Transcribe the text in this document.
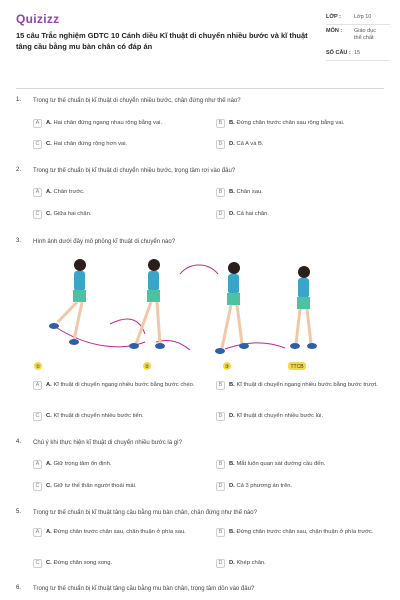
Quizizz
15 câu Trắc nghiệm GDTC 10 Cánh diều Kĩ thuật di chuyển nhiều bước và kĩ thuật tâng cầu bằng mu bàn chân có đáp án
LỚP :	Lớp 10
MÔN :	Giáo dục thể chất
SỐ CÂU : 15
1. Trong tư thế chuẩn bị kĩ thuật di chuyển nhiều bước, chân đứng như thế nào?
A	A. Hai chân đứng ngang nhau rộng bằng vai.	B	B. Đứng chân trước chân sau rộng bằng vai.
C	C. Hai chân đứng rộng hơn vai.	D	D. Cả A và B.
2. Trong tư thế chuẩn bị kĩ thuật di chuyển nhiều bước, trọng tâm rơi vào đâu?
A	A. Chân trước.	B	B. Chân sau.
C	C. Giữa hai chân.	D	D. Cả hai chân.
3. Hình ảnh dưới đây mô phỏng kĩ thuật di chuyển nào?
①	②	③	TTCB
A	A. Kĩ thuật di chuyển ngang nhiều bước bằng bước chéo.	B	B. Kĩ thuật di chuyển ngang nhiều bước bằng bước trượt.
C	C. Kĩ thuật di chuyển nhiều bước tiến.	D	D. Kĩ thuật di chuyển nhiều bước lùi.
4. Chú ý khi thực hiện kĩ thuật di chuyển nhiều bước là gì?
A	A. Giữ trọng tâm ổn định.	B	B. Mắt luôn quan sát đường cầu đến.
C	C. Giữ tư thế thân người thoải mái.	D	D. Cả 3 phương án trên.
5. Trong tư thế chuẩn bị kĩ thuật tâng cầu bằng mu bàn chân, chân đứng như thế nào?
A	A. Đứng chân trước chân sau, chân thuận ở phía sau.	B	B. Đứng chân trước chân sau, chân thuận ở phía trước.
C	C. Đứng chân song song.	D	D. Khép chân.
6. Trong tư thế chuẩn bị kĩ thuật tâng cầu bằng mu bàn chân, trọng tâm dồn vào đâu?
